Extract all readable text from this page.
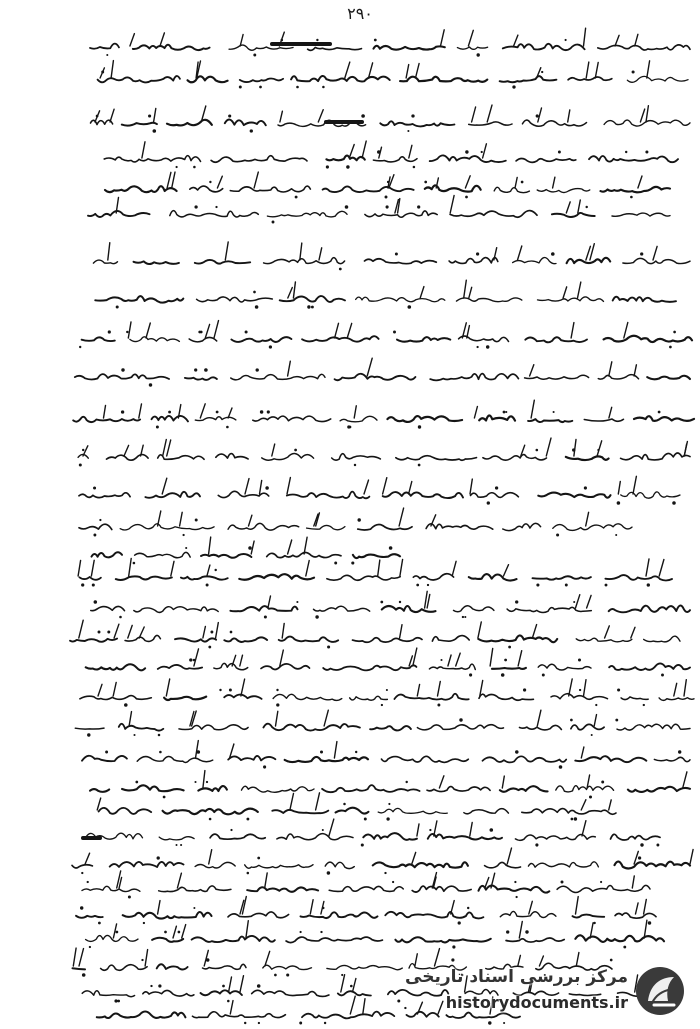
۲۹۰
مرکز بررسی اسناد تاریخی
historydocuments.ir
